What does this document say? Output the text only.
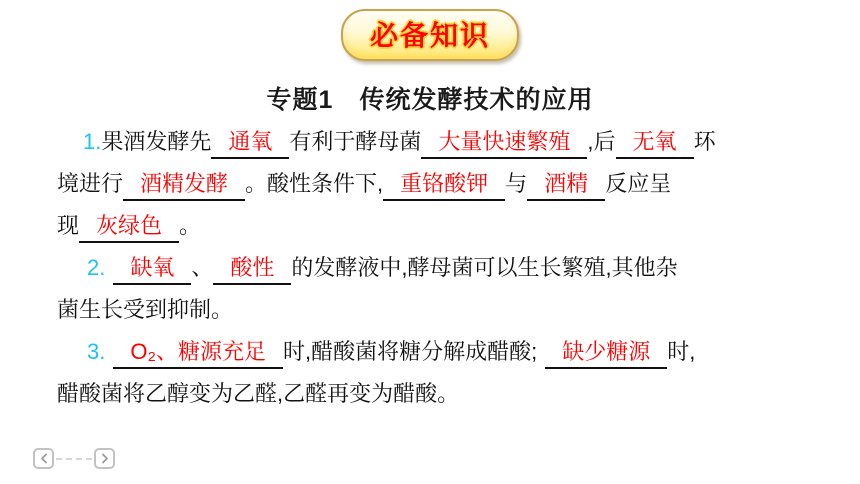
必备知识
专题1　传统发酵技术的应用
1.果酒发酵先 通氧 有利于酵母菌 大量快速繁殖 ,后 无氧 环
境进行 酒精发酵 。酸性条件下, 重铬酸钾 与 酒精 反应呈
现 灰绿色 。
2. 缺氧 、 酸性 的发酵液中,酵母菌可以生长繁殖,其他杂
菌生长受到抑制。
3. O₂、糖源充足 时,醋酸菌将糖分解成醋酸; 缺少糖源 时,
醋酸菌将乙醇变为乙醛,乙醛再变为醋酸。
